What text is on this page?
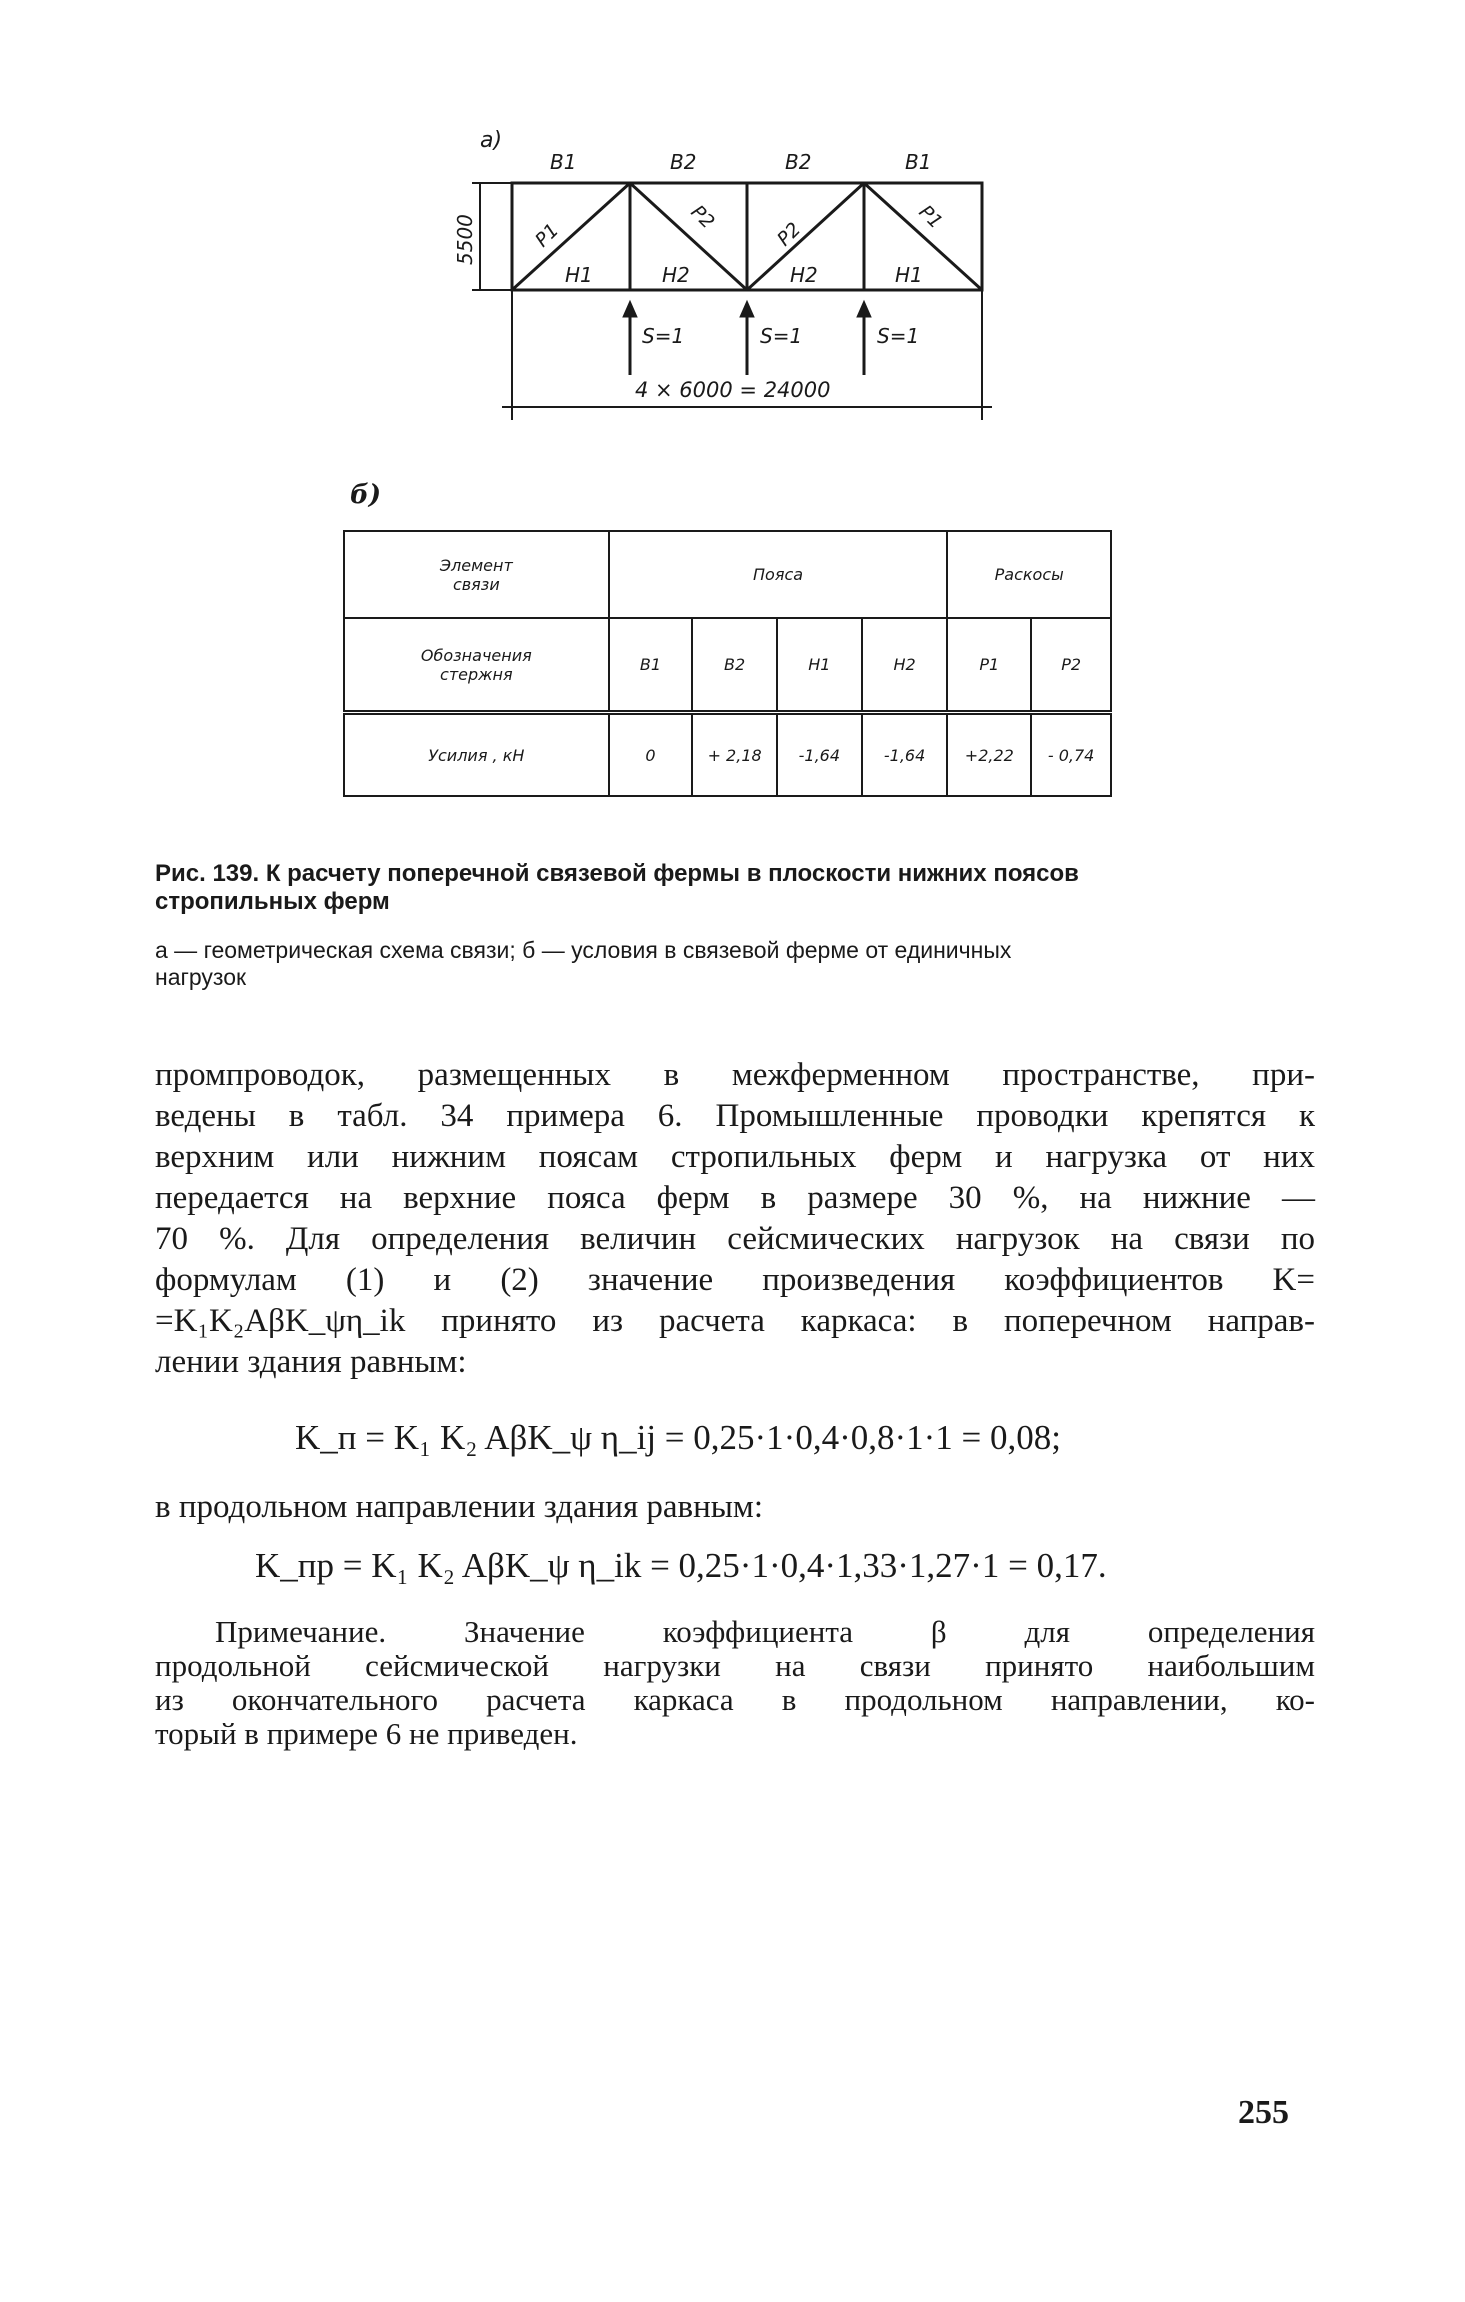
а)
5500
В1	В2	В2	В1
Н1	Н2	Н2	Н1
Р1
Р2
Р2
Р1
S=1	S=1	S=1
4 × 6000 = 24000
б)
Элемент связи	Пояса				Раскосы	
Обозначения стержня	В1	В2	Н1	Н2	Р1	Р2
Усилия , кН	0	+ 2,18	-1,64	-1,64	+2,22	- 0,74
Рис. 139. К расчету поперечной связевой фермы в плоскости нижних поясов
стропильных ферм
а — геометрическая схема связи; б — условия в связевой ферме от единичных
нагрузок
промпроводок, размещенных в межферменном пространстве, при-
ведены в табл. 34 примера 6. Промышленные проводки крепятся к
верхним или нижним поясам стропильных ферм и нагрузка от них
передается на верхние пояса ферм в размере 30 %, на нижние —
70 %. Для определения величин сейсмических нагрузок на связи по
формулам (1) и (2) значение произведения коэффициентов K=
=K₁K₂AβK_ψη_ik принято из расчета каркаса: в поперечном направ-
лении здания равным:
K_п = K₁ K₂ AβK_ψ η_ij = 0,25·1·0,4·0,8·1·1 = 0,08;
в продольном направлении здания равным:
K_пр = K₁ K₂ AβK_ψ η_ik = 0,25·1·0,4·1,33·1,27·1 = 0,17.
Примечание. Значение коэффициента β для определения
продольной сейсмической нагрузки на связи принято наибольшим
из окончательного расчета каркаса в продольном направлении, ко-
торый в примере 6 не приведен.
255
